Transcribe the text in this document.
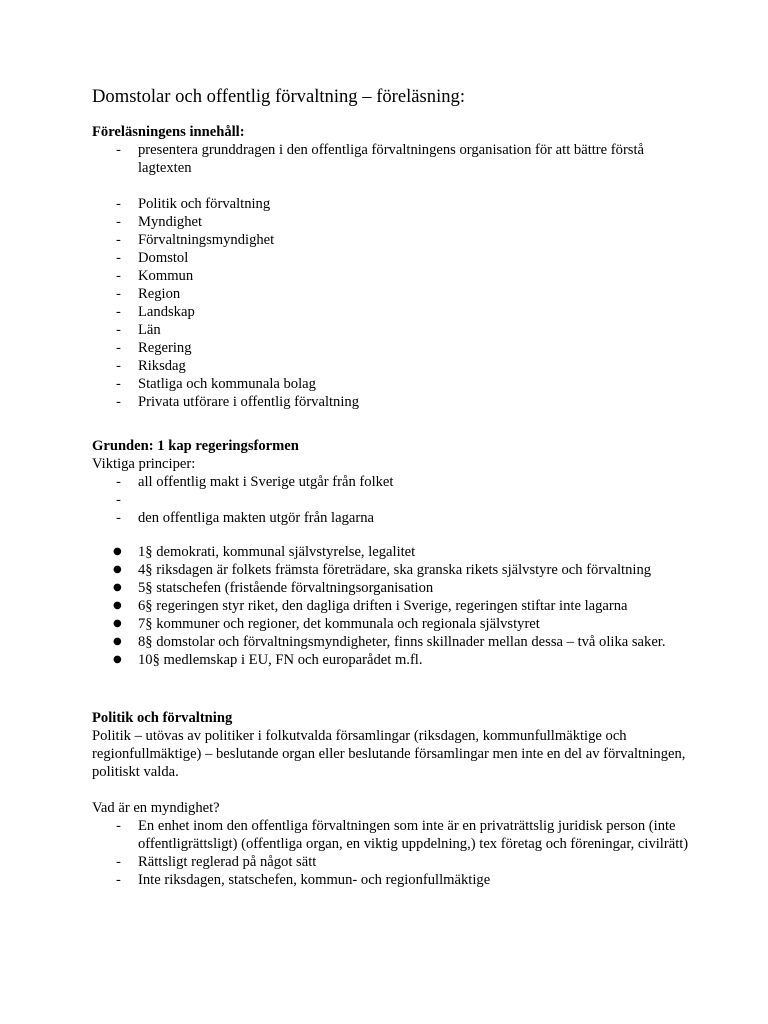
Domstolar och offentlig förvaltning – föreläsning:
Föreläsningens innehåll:
- presentera grunddragen i den offentliga förvaltningens organisation för att bättre förstå lagtexten
- Politik och förvaltning
- Myndighet
- Förvaltningsmyndighet
- Domstol
- Kommun
- Region
- Landskap
- Län
- Regering
- Riksdag
- Statliga och kommunala bolag
- Privata utförare i offentlig förvaltning
Grunden: 1 kap regeringsformen
Viktiga principer:
- all offentlig makt i Sverige utgår från folket
-
- den offentliga makten utgör från lagarna
● 1§ demokrati, kommunal självstyrelse, legalitet
● 4§ riksdagen är folkets främsta företrädare, ska granska rikets självstyre och förvaltning
● 5§ statschefen (fristående förvaltningsorganisation
● 6§ regeringen styr riket, den dagliga driften i Sverige, regeringen stiftar inte lagarna
● 7§ kommuner och regioner, det kommunala och regionala självstyret
● 8§ domstolar och förvaltningsmyndigheter, finns skillnader mellan dessa – två olika saker.
● 10§ medlemskap i EU, FN och europarådet m.fl.
Politik och förvaltning

Politik – utövas av politiker i folkutvalda församlingar (riksdagen, kommunfullmäktige och regionfullmäktige) – beslutande organ eller beslutande församlingar men inte en del av förvaltningen, politiskt valda.

Vad är en myndighet?
- En enhet inom den offentliga förvaltningen som inte är en privaträttslig juridisk person (inte offentligrättsligt) (offentliga organ, en viktig uppdelning,) tex företag och föreningar, civilrätt)
- Rättsligt reglerad på något sätt
- Inte riksdagen, statschefen, kommun- och regionfullmäktige
